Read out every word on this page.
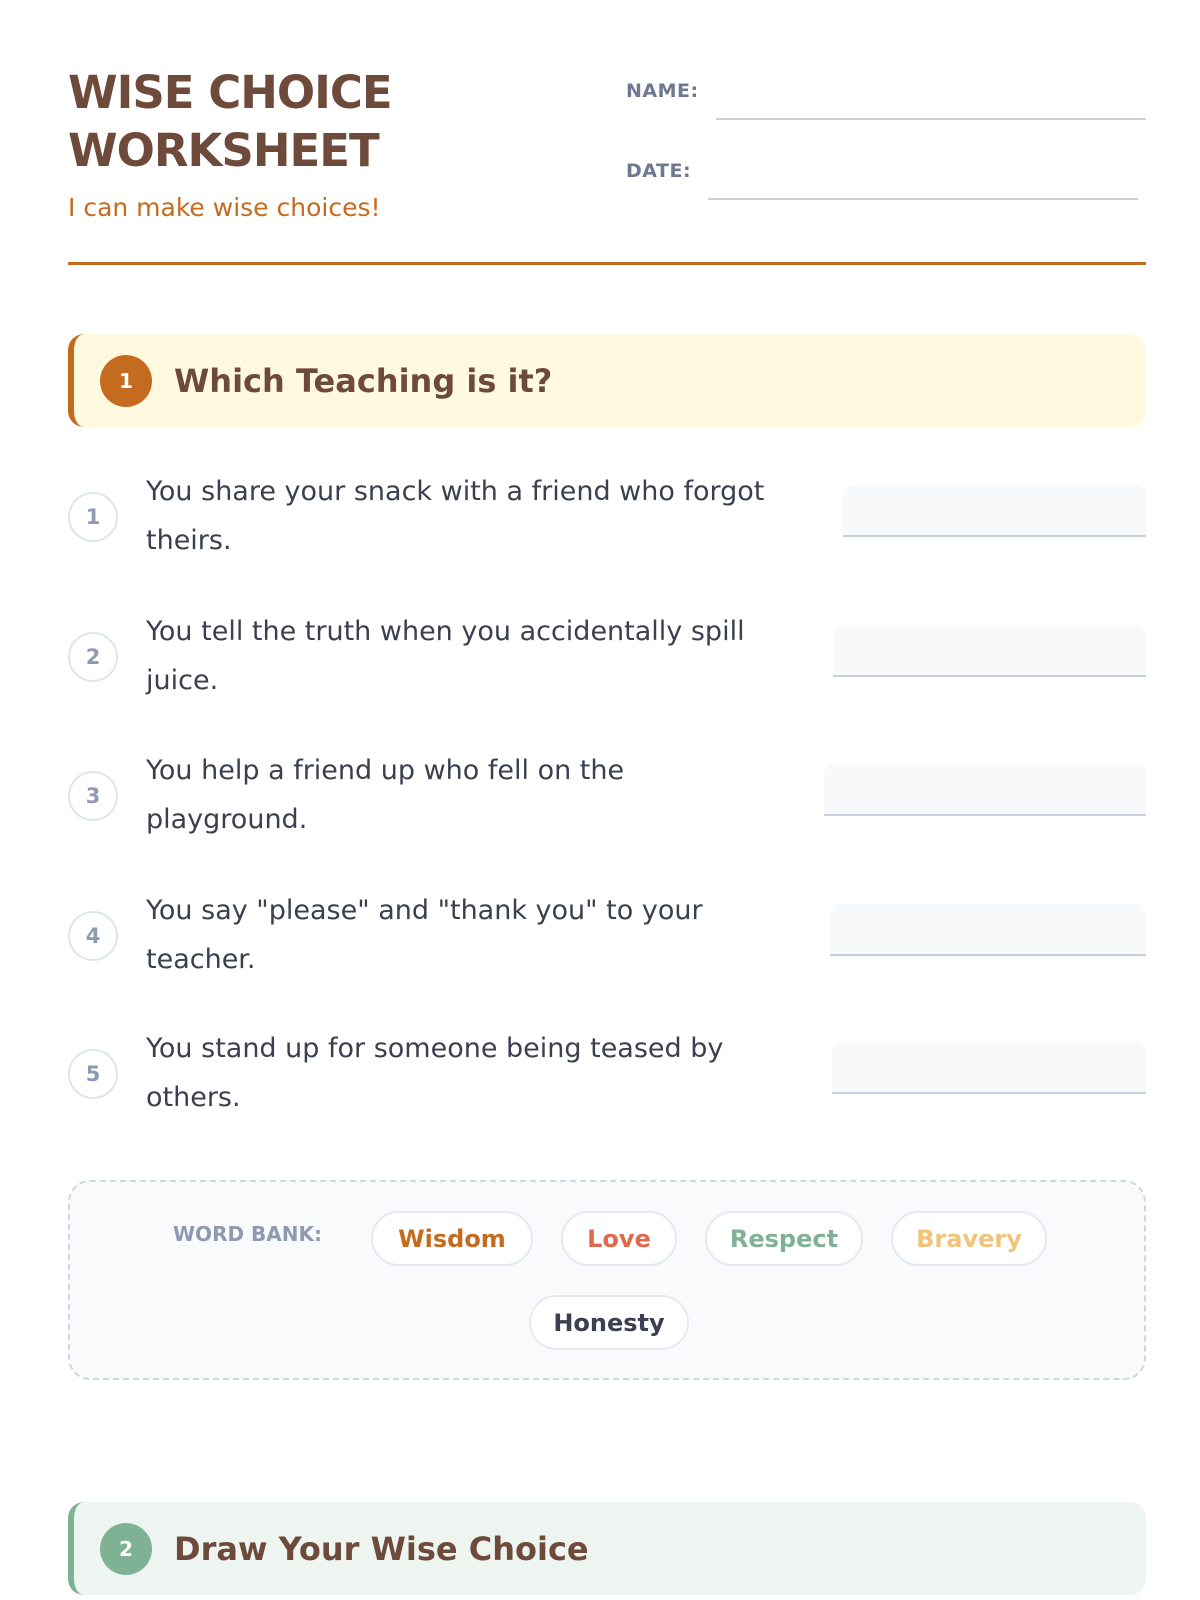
WISE CHOICE
WORKSHEET
I can make wise choices!
NAME:
DATE:
1	Which Teaching is it?
1
You share your snack with a friend who forgot theirs.
2
You tell the truth when you accidentally spill juice.
3
You help a friend up who fell on the playground.
4
You say "please" and "thank you" to your teacher.
5
You stand up for someone being teased by others.
WORD BANK:	Wisdom	Love	Respect	Bravery
Honesty
2	Draw Your Wise Choice
